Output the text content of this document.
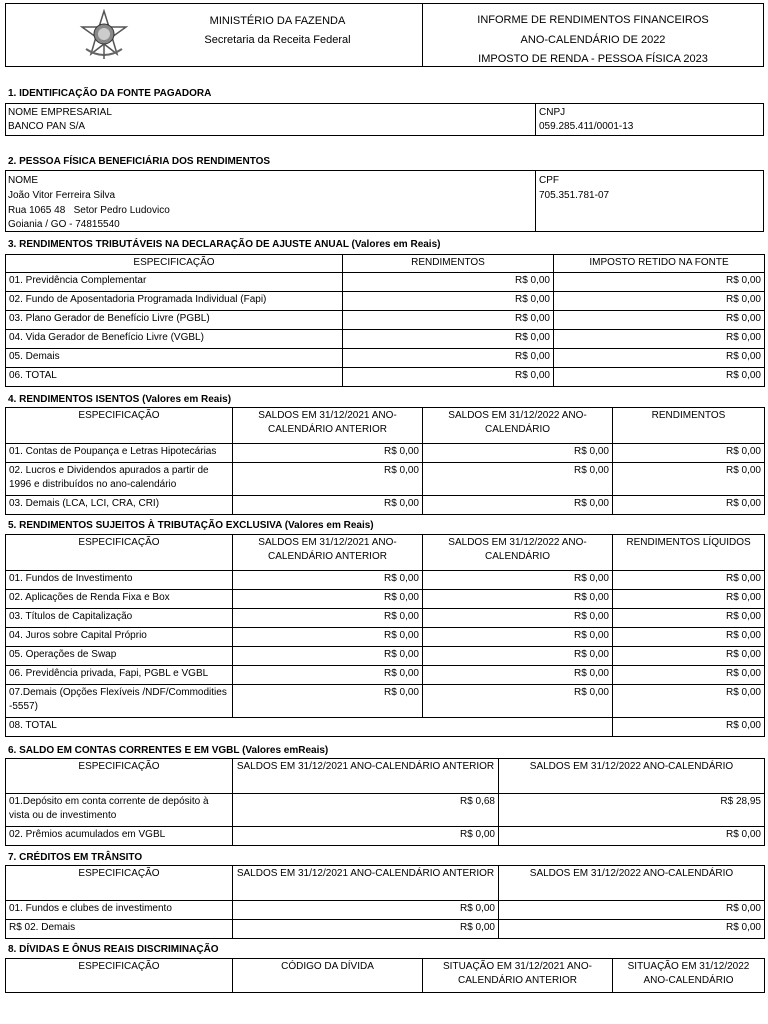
MINISTÉRIO DA FAZENDA
Secretaria da Receita Federal
INFORME DE RENDIMENTOS FINANCEIROS
ANO-CALENDÁRIO DE 2022
IMPOSTO DE RENDA - PESSOA FÍSICA 2023
1. IDENTIFICAÇÃO DA FONTE PAGADORA
NOME EMPRESARIAL
BANCO PAN S/A
CNPJ
059.285.411/0001-13
2. PESSOA FÍSICA BENEFICIÁRIA DOS RENDIMENTOS
NOME
João Vitor Ferreira Silva
Rua 1065 48   Setor Pedro Ludovico
Goiania / GO - 74815540
CPF
705.351.781-07
3. RENDIMENTOS TRIBUTÁVEIS NA DECLARAÇÃO DE AJUSTE ANUAL (Valores em Reais)
ESPECIFICAÇÃO	RENDIMENTOS	IMPOSTO RETIDO NA FONTE
01. Previdência Complementar	R$ 0,00	R$ 0,00
02. Fundo de Aposentadoria Programada Individual (Fapi)	R$ 0,00	R$ 0,00
03. Plano Gerador de Benefício Livre (PGBL)	R$ 0,00	R$ 0,00
04. Vida Gerador de Benefício Livre (VGBL)	R$ 0,00	R$ 0,00
05. Demais	R$ 0,00	R$ 0,00
06. TOTAL	R$ 0,00	R$ 0,00
4. RENDIMENTOS ISENTOS (Valores em Reais)
ESPECIFICAÇÃO	SALDOS EM 31/12/2021 ANO-CALENDÁRIO ANTERIOR	SALDOS EM 31/12/2022 ANO-CALENDÁRIO	RENDIMENTOS
01. Contas de Poupança e Letras Hipotecárias	R$ 0,00	R$ 0,00	R$ 0,00
02. Lucros e Dividendos apurados a partir de 1996 e distribuídos no ano-calendário	R$ 0,00	R$ 0,00	R$ 0,00
03. Demais (LCA, LCI, CRA, CRI)	R$ 0,00	R$ 0,00	R$ 0,00
5. RENDIMENTOS SUJEITOS À TRIBUTAÇÃO EXCLUSIVA (Valores em Reais)
ESPECIFICAÇÃO	SALDOS EM 31/12/2021 ANO-CALENDÁRIO ANTERIOR	SALDOS EM 31/12/2022 ANO-CALENDÁRIO	RENDIMENTOS LÍQUIDOS
01. Fundos de Investimento	R$ 0,00	R$ 0,00	R$ 0,00
02. Aplicações de Renda Fixa e Box	R$ 0,00	R$ 0,00	R$ 0,00
03. Títulos de Capitalização	R$ 0,00	R$ 0,00	R$ 0,00
04. Juros sobre Capital Próprio	R$ 0,00	R$ 0,00	R$ 0,00
05. Operações de Swap	R$ 0,00	R$ 0,00	R$ 0,00
06. Previdência privada, Fapi, PGBL e VGBL	R$ 0,00	R$ 0,00	R$ 0,00
07.Demais (Opções Flexíveis /NDF/Commodities -5557)	R$ 0,00	R$ 0,00	R$ 0,00
08. TOTAL			R$ 0,00
6. SALDO EM CONTAS CORRENTES E EM VGBL (Valores emReais)
ESPECIFICAÇÃO	SALDOS EM 31/12/2021 ANO-CALENDÁRIO ANTERIOR	SALDOS EM 31/12/2022 ANO-CALENDÁRIO
01.Depósito em conta corrente de depósito à vista ou de investimento	R$ 0,68	R$ 28,95
02. Prêmios acumulados em VGBL	R$ 0,00	R$ 0,00
7. CRÉDITOS EM TRÂNSITO
ESPECIFICAÇÃO	SALDOS EM 31/12/2021 ANO-CALENDÁRIO ANTERIOR	SALDOS EM 31/12/2022 ANO-CALENDÁRIO
01. Fundos e clubes de investimento	R$ 0,00	R$ 0,00
R$ 02. Demais	R$ 0,00	R$ 0,00
8. DÍVIDAS E ÔNUS REAIS DISCRIMINAÇÃO
ESPECIFICAÇÃO	CÓDIGO DA DÍVIDA	SITUAÇÃO EM 31/12/2021 ANO-CALENDÁRIO ANTERIOR	SITUAÇÃO EM 31/12/2022 ANO-CALENDÁRIO
